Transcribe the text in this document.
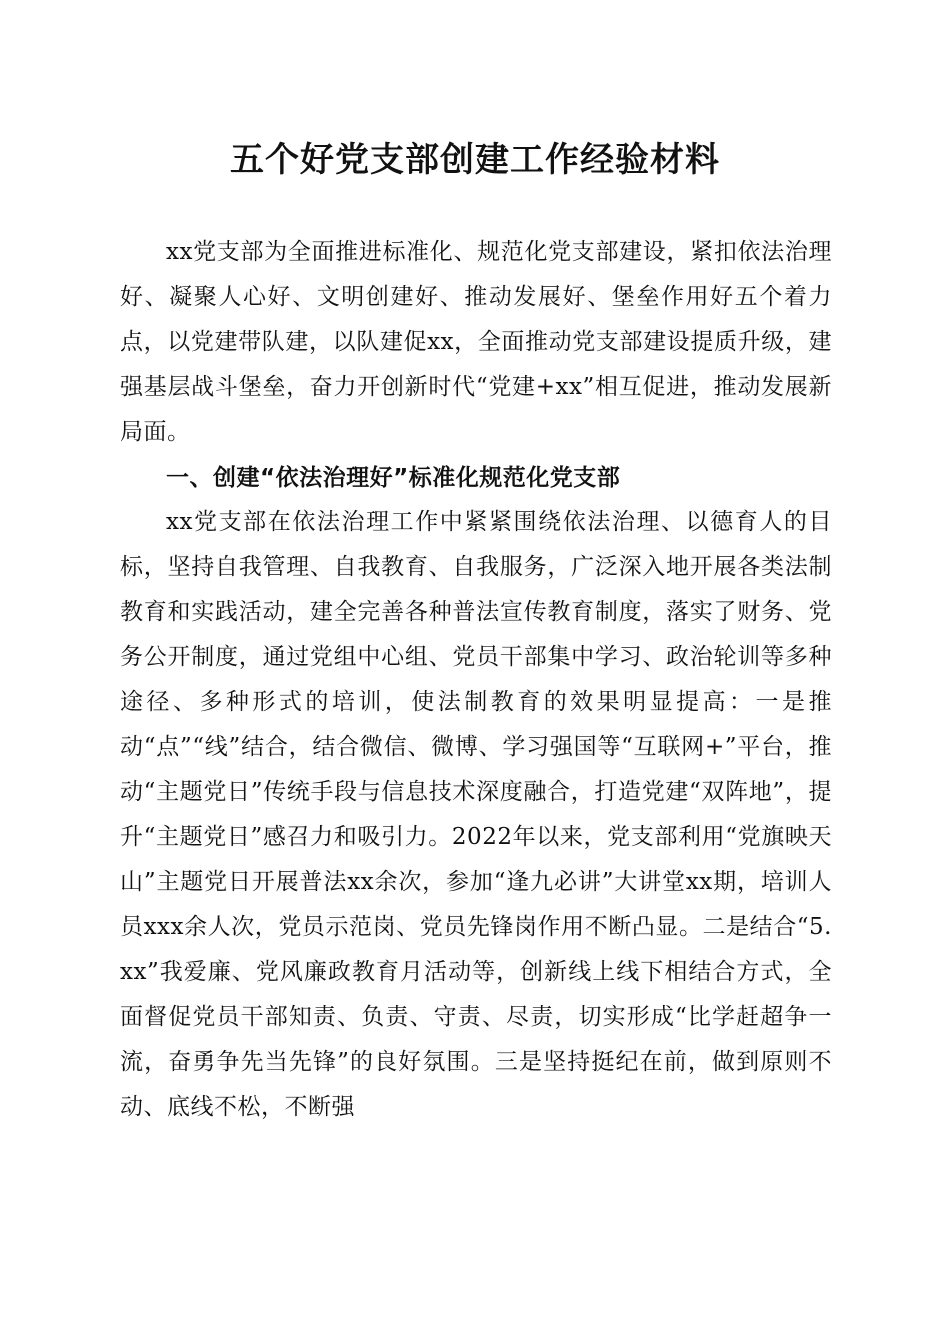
五个好党支部创建工作经验材料

xx党支部为全面推进标准化、规范化党支部建设，紧扣依法治理好、凝聚人心好、文明创建好、推动发展好、堡垒作用好五个着力点，以党建带队建，以队建促xx，全面推动党支部建设提质升级，建强基层战斗堡垒，奋力开创新时代“党建+xx”相互促进，推动发展新局面。

一、创建“依法治理好”标准化规范化党支部

xx党支部在依法治理工作中紧紧围绕依法治理、以德育人的目标，坚持自我管理、自我教育、自我服务，广泛深入地开展各类法制教育和实践活动，建全完善各种普法宣传教育制度，落实了财务、党务公开制度，通过党组中心组、党员干部集中学习、政治轮训等多种途径、多种形式的培训，使法制教育的效果明显提高：一是推动“点”“线”结合，结合微信、微博、学习强国等“互联网+”平台，推动“主题党日”传统手段与信息技术深度融合，打造党建“双阵地”，提升“主题党日”感召力和吸引力。2022年以来，党支部利用“党旗映天山”主题党日开展普法xx余次，参加“逢九必讲”大讲堂xx期，培训人员xxx余人次，党员示范岗、党员先锋岗作用不断凸显。二是结合“5.xx”我爱廉、党风廉政教育月活动等，创新线上线下相结合方式，全面督促党员干部知责、负责、守责、尽责，切实形成“比学赶超争一流，奋勇争先当先锋”的良好氛围。三是坚持挺纪在前，做到原则不动、底线不松，不断强
